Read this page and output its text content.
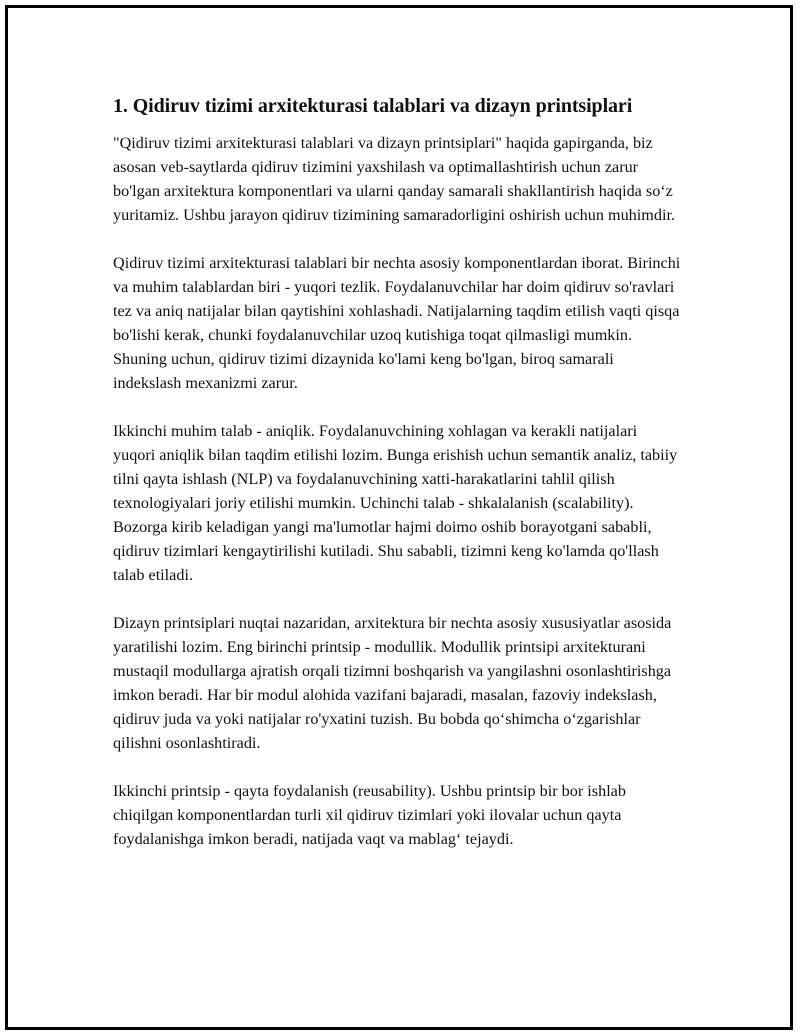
1. Qidiruv tizimi arxitekturasi talablari va dizayn printsiplari

"Qidiruv tizimi arxitekturasi talablari va dizayn printsiplari" haqida gapirganda, biz asosan veb-saytlarda qidiruv tizimini yaxshilash va optimallashtirish uchun zarur bo'lgan arxitektura komponentlari va ularni qanday samarali shakllantirish haqida so‘z yuritamiz. Ushbu jarayon qidiruv tizimining samaradorligini oshirish uchun muhimdir.

Qidiruv tizimi arxitekturasi talablari bir nechta asosiy komponentlardan iborat. Birinchi va muhim talablardan biri - yuqori tezlik. Foydalanuvchilar har doim qidiruv so'ravlari tez va aniq natijalar bilan qaytishini xohlashadi. Natijalarning taqdim etilish vaqti qisqa bo'lishi kerak, chunki foydalanuvchilar uzoq kutishiga toqat qilmasligi mumkin. Shuning uchun, qidiruv tizimi dizaynida ko'lami keng bo'lgan, biroq samarali indekslash mexanizmi zarur.

Ikkinchi muhim talab - aniqlik. Foydalanuvchining xohlagan va kerakli natijalari yuqori aniqlik bilan taqdim etilishi lozim. Bunga erishish uchun semantik analiz, tabiiy tilni qayta ishlash (NLP) va foydalanuvchining xatti-harakatlarini tahlil qilish texnologiyalari joriy etilishi mumkin. Uchinchi talab - shkalalanish (scalability). Bozorga kirib keladigan yangi ma'lumotlar hajmi doimo oshib borayotgani sababli, qidiruv tizimlari kengaytirilishi kutiladi. Shu sababli, tizimni keng ko'lamda qo'llash talab etiladi.

Dizayn printsiplari nuqtai nazaridan, arxitektura bir nechta asosiy xususiyatlar asosida yaratilishi lozim. Eng birinchi printsip - modullik. Modullik printsipi arxitekturani mustaqil modullarga ajratish orqali tizimni boshqarish va yangilashni osonlashtirishga imkon beradi. Har bir modul alohida vazifani bajaradi, masalan, fazoviy indekslash, qidiruv juda va yoki natijalar ro'yxatini tuzish. Bu bobda qo‘shimcha o‘zgarishlar qilishni osonlashtiradi.

Ikkinchi printsip - qayta foydalanish (reusability). Ushbu printsip bir bor ishlab chiqilgan komponentlardan turli xil qidiruv tizimlari yoki ilovalar uchun qayta foydalanishga imkon beradi, natijada vaqt va mablag‘ tejaydi.
